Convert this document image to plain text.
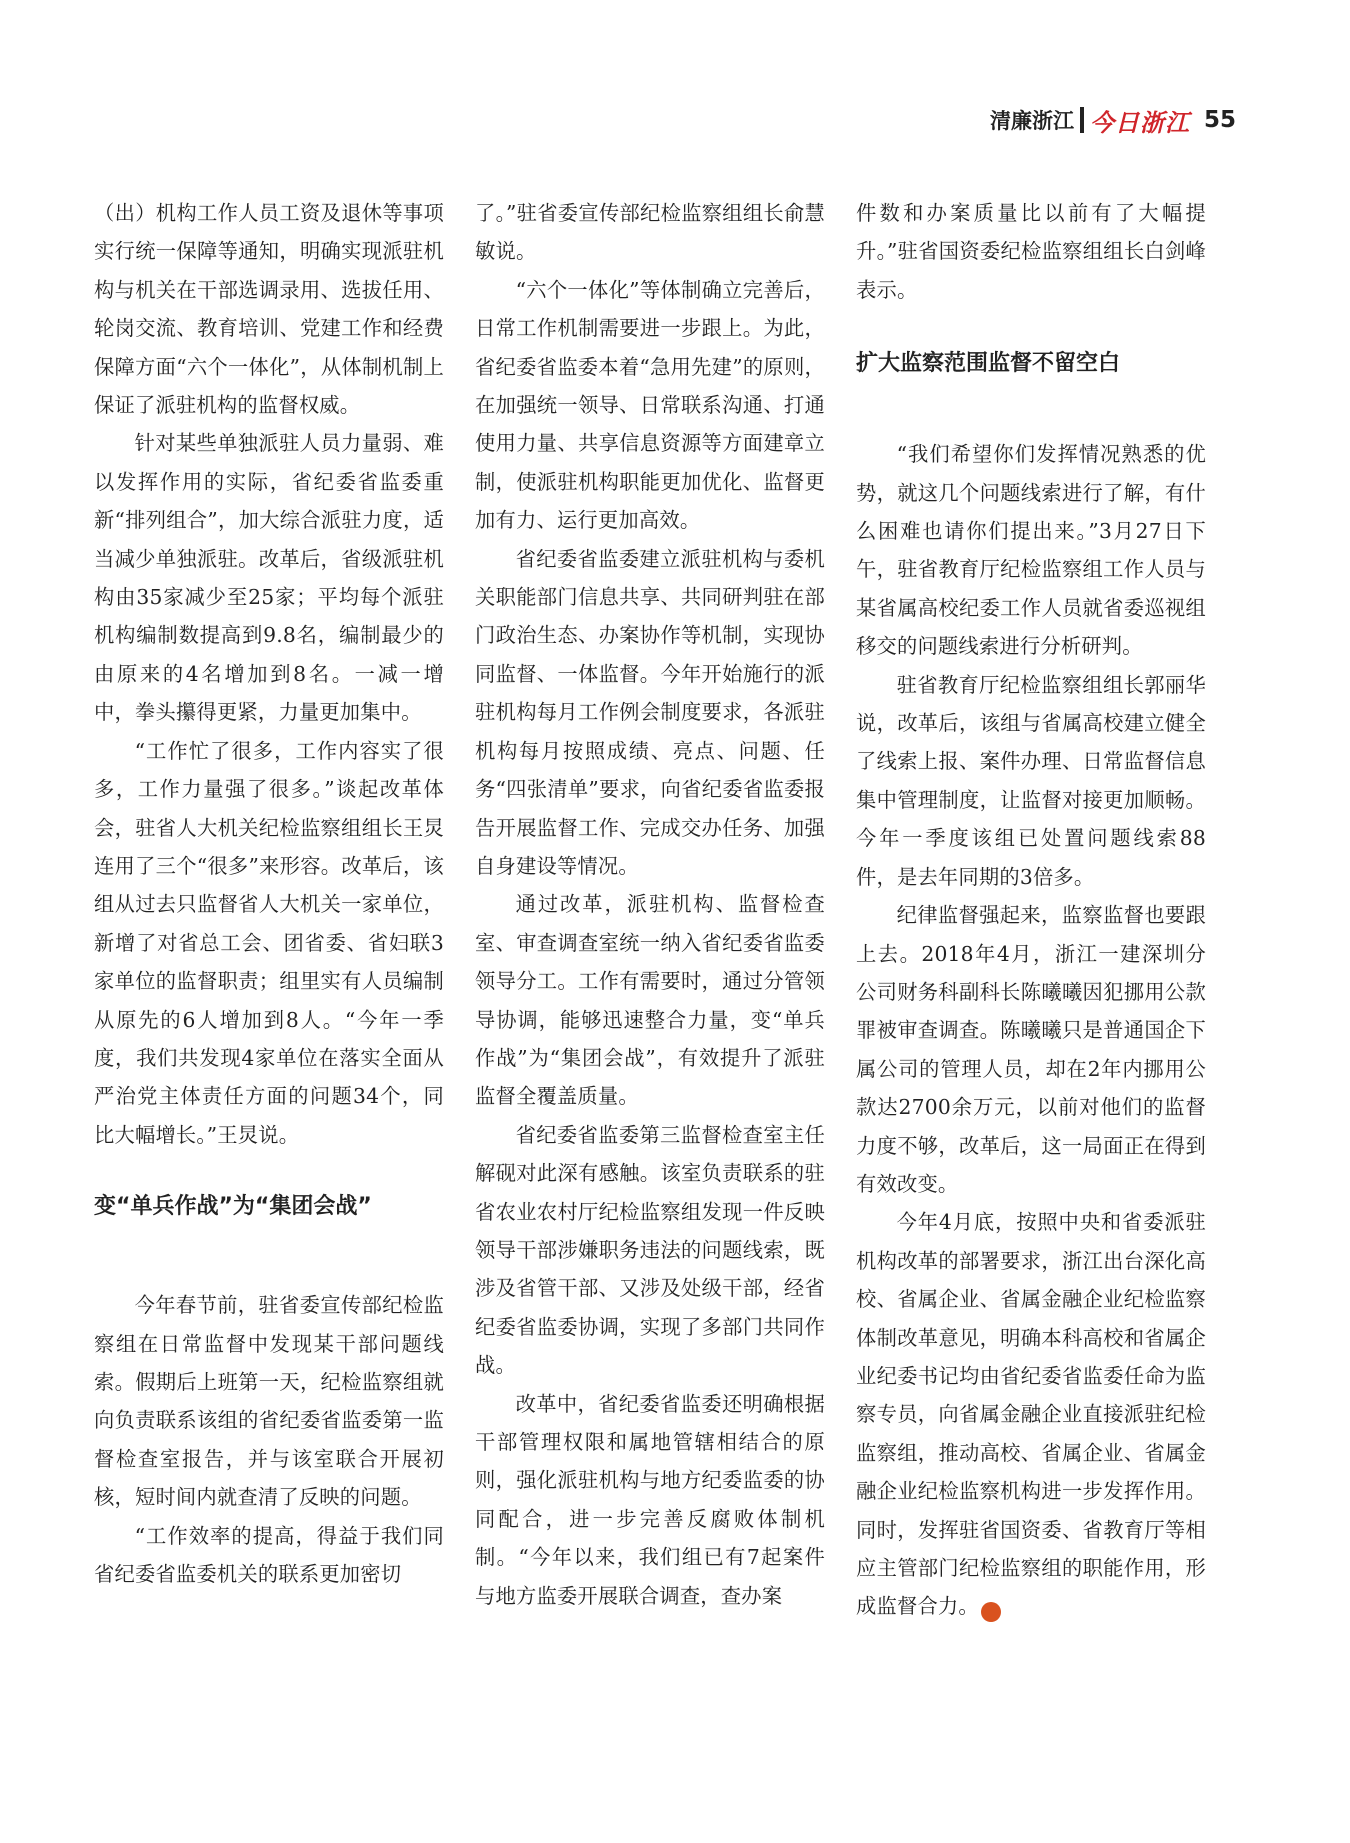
清廉浙江 今日浙江 55

（出）机构工作人员工资及退休等事项实行统一保障等通知，明确实现派驻机构与机关在干部选调录用、选拔任用、轮岗交流、教育培训、党建工作和经费保障方面“六个一体化”，从体制机制上保证了派驻机构的监督权威。

针对某些单独派驻人员力量弱、难以发挥作用的实际，省纪委省监委重新“排列组合”，加大综合派驻力度，适当减少单独派驻。改革后，省级派驻机构由35家减少至25家；平均每个派驻机构编制数提高到9.8名，编制最少的由原来的4名增加到8名。一减一增中，拳头攥得更紧，力量更加集中。

“工作忙了很多，工作内容实了很多，工作力量强了很多。”谈起改革体会，驻省人大机关纪检监察组组长王炅连用了三个“很多”来形容。改革后，该组从过去只监督省人大机关一家单位，新增了对省总工会、团省委、省妇联3家单位的监督职责；组里实有人员编制从原先的6人增加到8人。“今年一季度，我们共发现4家单位在落实全面从严治党主体责任方面的问题34个，同比大幅增长。”王炅说。

变“单兵作战”为“集团会战”

今年春节前，驻省委宣传部纪检监察组在日常监督中发现某干部问题线索。假期后上班第一天，纪检监察组就向负责联系该组的省纪委省监委第一监督检查室报告，并与该室联合开展初核，短时间内就查清了反映的问题。

“工作效率的提高，得益于我们同省纪委省监委机关的联系更加密切

了。”驻省委宣传部纪检监察组组长俞慧敏说。

“六个一体化”等体制确立完善后，日常工作机制需要进一步跟上。为此，省纪委省监委本着“急用先建”的原则，在加强统一领导、日常联系沟通、打通使用力量、共享信息资源等方面建章立制，使派驻机构职能更加优化、监督更加有力、运行更加高效。

省纪委省监委建立派驻机构与委机关职能部门信息共享、共同研判驻在部门政治生态、办案协作等机制，实现协同监督、一体监督。今年开始施行的派驻机构每月工作例会制度要求，各派驻机构每月按照成绩、亮点、问题、任务“四张清单”要求，向省纪委省监委报告开展监督工作、完成交办任务、加强自身建设等情况。

通过改革，派驻机构、监督检查室、审查调查室统一纳入省纪委省监委领导分工。工作有需要时，通过分管领导协调，能够迅速整合力量，变“单兵作战”为“集团会战”，有效提升了派驻监督全覆盖质量。

省纪委省监委第三监督检查室主任解砚对此深有感触。该室负责联系的驻省农业农村厅纪检监察组发现一件反映领导干部涉嫌职务违法的问题线索，既涉及省管干部、又涉及处级干部，经省纪委省监委协调，实现了多部门共同作战。

改革中，省纪委省监委还明确根据干部管理权限和属地管辖相结合的原则，强化派驻机构与地方纪委监委的协同配合，进一步完善反腐败体制机制。“今年以来，我们组已有7起案件与地方监委开展联合调查，查办案

件数和办案质量比以前有了大幅提升。”驻省国资委纪检监察组组长白剑峰表示。

扩大监察范围监督不留空白

“我们希望你们发挥情况熟悉的优势，就这几个问题线索进行了解，有什么困难也请你们提出来。”3月27日下午，驻省教育厅纪检监察组工作人员与某省属高校纪委工作人员就省委巡视组移交的问题线索进行分析研判。

驻省教育厅纪检监察组组长郭丽华说，改革后，该组与省属高校建立健全了线索上报、案件办理、日常监督信息集中管理制度，让监督对接更加顺畅。今年一季度该组已处置问题线索88件，是去年同期的3倍多。

纪律监督强起来，监察监督也要跟上去。2018年4月，浙江一建深圳分公司财务科副科长陈曦曦因犯挪用公款罪被审查调查。陈曦曦只是普通国企下属公司的管理人员，却在2年内挪用公款达2700余万元，以前对他们的监督力度不够，改革后，这一局面正在得到有效改变。

今年4月底，按照中央和省委派驻机构改革的部署要求，浙江出台深化高校、省属企业、省属金融企业纪检监察体制改革意见，明确本科高校和省属企业纪委书记均由省纪委省监委任命为监察专员，向省属金融企业直接派驻纪检监察组，推动高校、省属企业、省属金融企业纪检监察机构进一步发挥作用。同时，发挥驻省国资委、省教育厅等相应主管部门纪检监察组的职能作用，形成监督合力。	今
